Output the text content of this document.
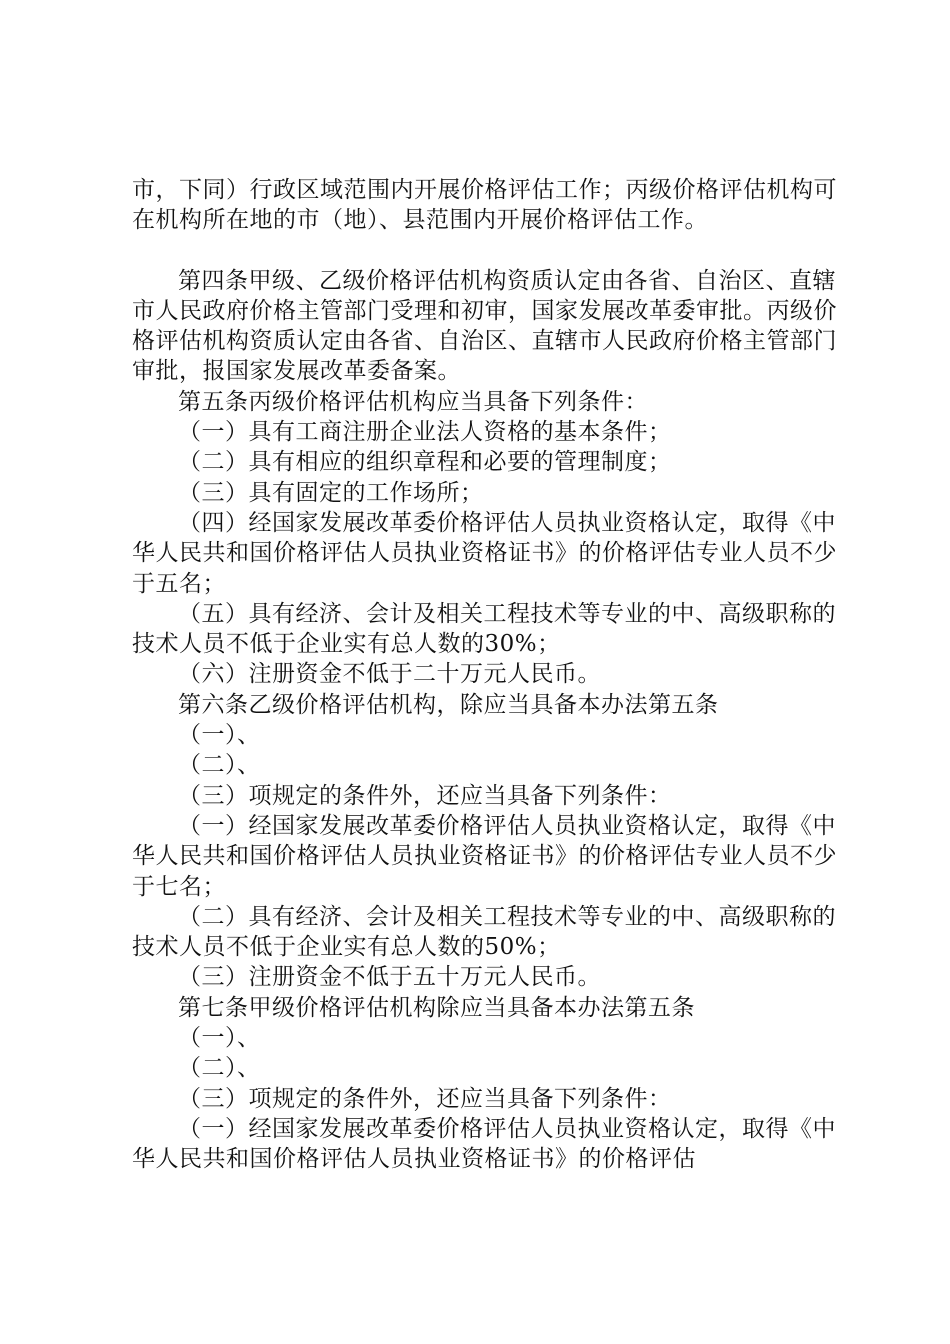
市，下同）行政区域范围内开展价格评估工作；丙级价格评估机构可在机构所在地的市（地）、县范围内开展价格评估工作。

第四条甲级、乙级价格评估机构资质认定由各省、自治区、直辖市人民政府价格主管部门受理和初审，国家发展改革委审批。丙级价格评估机构资质认定由各省、自治区、直辖市人民政府价格主管部门审批，报国家发展改革委备案。

第五条丙级价格评估机构应当具备下列条件：

（一）具有工商注册企业法人资格的基本条件；

（二）具有相应的组织章程和必要的管理制度；

（三）具有固定的工作场所；

（四）经国家发展改革委价格评估人员执业资格认定，取得《中华人民共和国价格评估人员执业资格证书》的价格评估专业人员不少于五名；

（五）具有经济、会计及相关工程技术等专业的中、高级职称的技术人员不低于企业实有总人数的30%；

（六）注册资金不低于二十万元人民币。

第六条乙级价格评估机构，除应当具备本办法第五条

（一）、

（二）、

（三）项规定的条件外，还应当具备下列条件：

（一）经国家发展改革委价格评估人员执业资格认定，取得《中华人民共和国价格评估人员执业资格证书》的价格评估专业人员不少于七名；

（二）具有经济、会计及相关工程技术等专业的中、高级职称的技术人员不低于企业实有总人数的50%；

（三）注册资金不低于五十万元人民币。

第七条甲级价格评估机构除应当具备本办法第五条

（一）、

（二）、

（三）项规定的条件外，还应当具备下列条件：

（一）经国家发展改革委价格评估人员执业资格认定，取得《中华人民共和国价格评估人员执业资格证书》的价格评估
